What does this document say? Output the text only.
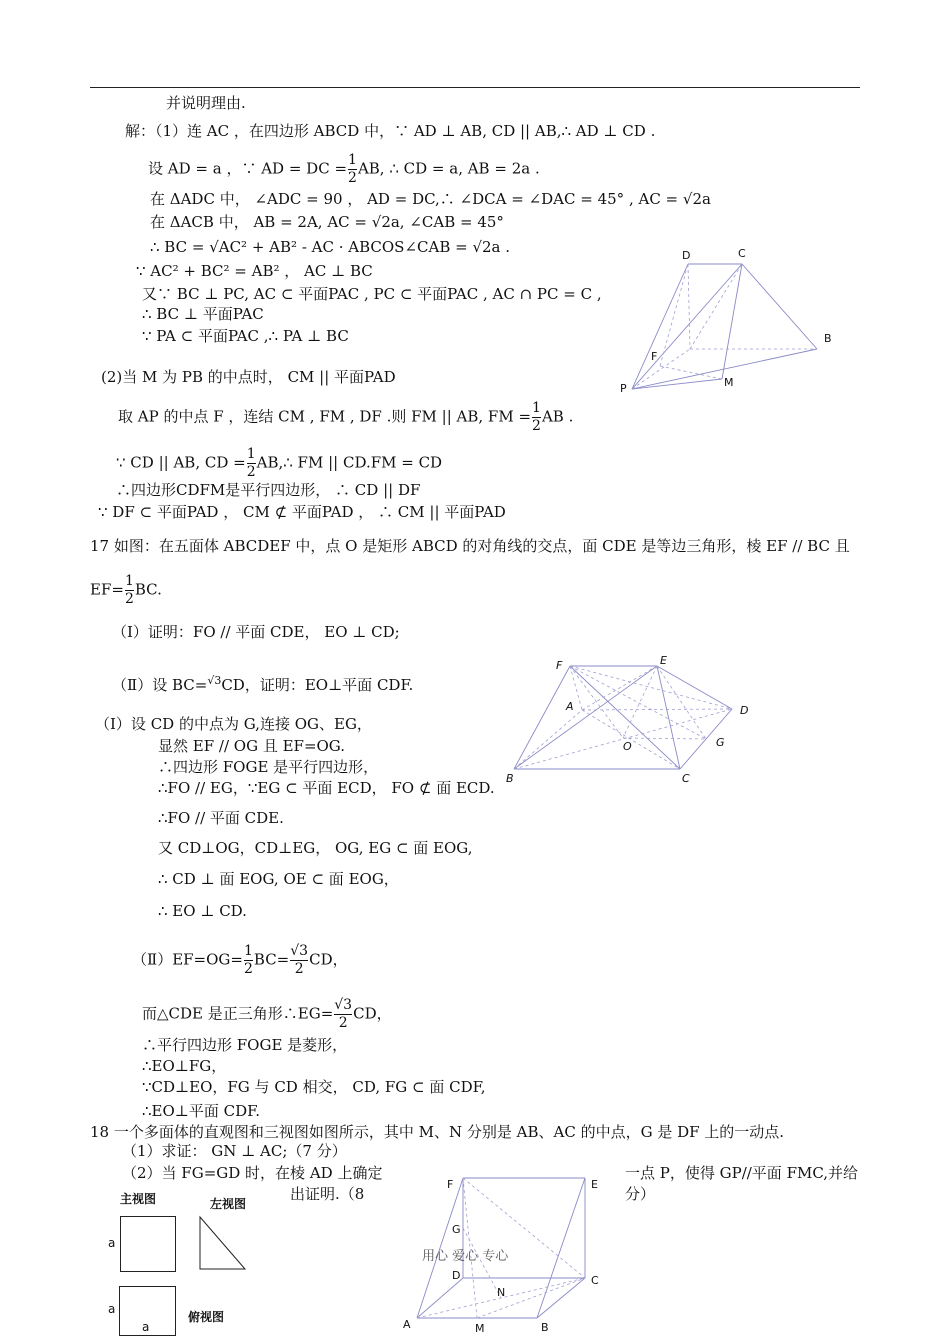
并说明理由.
解：（1）连 AC ，在四边形 ABCD 中，∵ AD ⊥ AB, CD || AB,∴ AD ⊥ CD .
设 AD = a ，∵ AD = DC = $\frac{1}{2}$ AB, ∴ CD = a, AB = 2a .
在 ΔADC 中， ∠ADC = 90 ， AD = DC,∴ ∠DCA = ∠DAC = 45° , AC = √2a
在 ΔACB 中， AB = 2A, AC = √2a, ∠CAB = 45°
∴ BC = √AC² + AB² - AC · ABCOS∠CAB = √2a .
∵ AC² + BC² = AB² ， AC ⊥ BC
又∵ BC ⊥ PC, AC ⊂ 平面PAC , PC ⊂ 平面PAC , AC ∩ PC = C ,
∴ BC ⊥ 平面PAC
∵ PA ⊂ 平面PAC ,∴ PA ⊥ BC
(2)当 M 为 PB 的中点时， CM || 平面PAD
取 AP 的中点 F ，连结 CM , FM , DF .则 FM || AB, FM = $\frac{1}{2}$ AB .
∵ CD || AB, CD = $\frac{1}{2}$ AB,∴ FM || CD.FM = CD
∴四边形CDFM是平行四边形， ∴ CD || DF
∵ DF ⊂ 平面PAD ， CM ⊄ 平面PAD ， ∴ CM || 平面PAD
D	C
B
F
P	M
17 如图：在五面体 ABCDEF 中，点 O 是矩形 ABCD 的对角线的交点，面 CDE 是等边三角形，棱 EF // BC 且
$EF= \frac{1}{2}$ BC.
（Ⅰ）证明：FO // 平面 CDE， EO ⊥ CD;
（Ⅱ）设 BC=$^{√3}$CD，证明：EO⊥平面 CDF.
F	E
A	D
O	G
B	C
（Ⅰ）设 CD 的中点为 G,连接 OG、EG，
显然 EF // OG 且 EF=OG.
∴四边形 FOGE 是平行四边形，
∴FO // EG，∵EG ⊂ 平面 ECD， FO ⊄ 面 ECD.
∴FO // 平面 CDE.
又 CD⊥OG，CD⊥EG， OG, EG ⊂ 面 EOG,
∴ CD ⊥ 面 EOG, OE ⊂ 面 EOG，
∴ EO ⊥ CD.
（Ⅱ）EF=OG= $\frac{1}{2} BC= \frac{√3}{2}$ CD，
而△CDE 是正三角形∴EG= $\frac{√3}{2}$ CD，
∴平行四边形 FOGE 是菱形，
∴EO⊥FG，
∵CD⊥EO，FG 与 CD 相交， CD, FG ⊂ 面 CDF,
∴EO⊥平面 CDF.
18 一个多面体的直观图和三视图如图所示，其中 M、N 分别是 AB、AC 的中点，G 是 DF 上的一动点.
（1）求证： GN ⊥ AC;（7 分）
（2）当 FG=GD 时，在棱 AD 上确定	一点 P，使得 GP//平面 FMC,并给
出证明.（8	分）
主视图	左视图
a
a
a
俯视图
F	E
G
D	C
N
A	M	B
用心 爱心 专心
